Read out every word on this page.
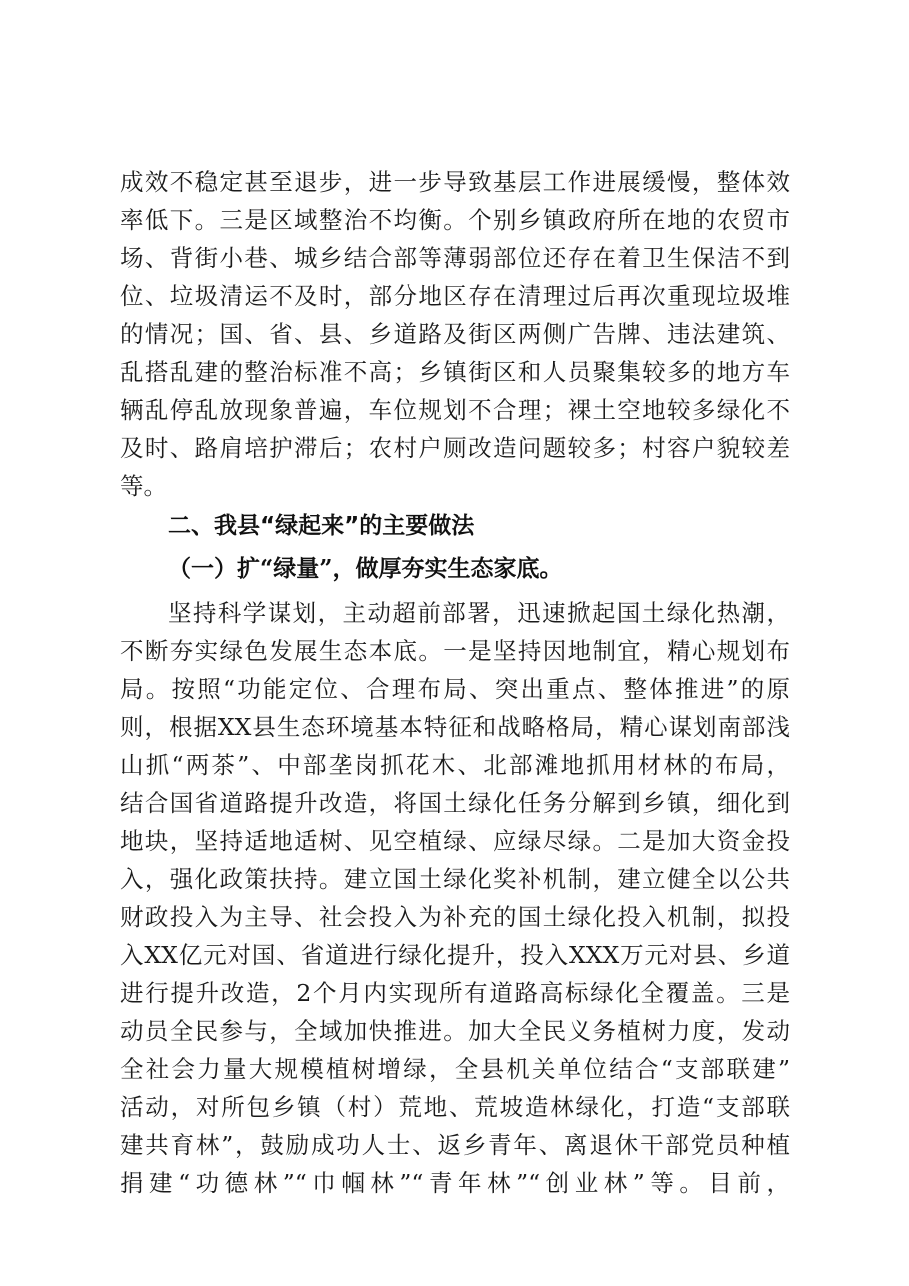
成效不稳定甚至退步，进一步导致基层工作进展缓慢，整体效
率低下。三是区域整治不均衡。个别乡镇政府所在地的农贸市
场、背街小巷、城乡结合部等薄弱部位还存在着卫生保洁不到
位、垃圾清运不及时，部分地区存在清理过后再次重现垃圾堆
的情况；国、省、县、乡道路及街区两侧广告牌、违法建筑、
乱搭乱建的整治标准不高；乡镇街区和人员聚集较多的地方车
辆乱停乱放现象普遍，车位规划不合理；裸土空地较多绿化不
及时、路肩培护滞后；农村户厕改造问题较多；村容户貌较差
等。
二、我县“绿起来”的主要做法
（一）扩“绿量”，做厚夯实生态家底。
坚持科学谋划，主动超前部署，迅速掀起国土绿化热潮，
不断夯实绿色发展生态本底。一是坚持因地制宜，精心规划布
局。按照“功能定位、合理布局、突出重点、整体推进”的原
则，根据XX县生态环境基本特征和战略格局，精心谋划南部浅
山抓“两茶”、中部垄岗抓花木、北部滩地抓用材林的布局，
结合国省道路提升改造，将国土绿化任务分解到乡镇，细化到
地块，坚持适地适树、见空植绿、应绿尽绿。二是加大资金投
入，强化政策扶持。建立国土绿化奖补机制，建立健全以公共
财政投入为主导、社会投入为补充的国土绿化投入机制，拟投
入XX亿元对国、省道进行绿化提升，投入XXX万元对县、乡道
进行提升改造，2个月内实现所有道路高标绿化全覆盖。三是
动员全民参与，全域加快推进。加大全民义务植树力度，发动
全社会力量大规模植树增绿，全县机关单位结合“支部联建”
活动，对所包乡镇（村）荒地、荒坡造林绿化，打造“支部联
建共育林”，鼓励成功人士、返乡青年、离退休干部党员种植
捐建“功德林”“巾帼林”“青年林”“创业林”等。目前，
